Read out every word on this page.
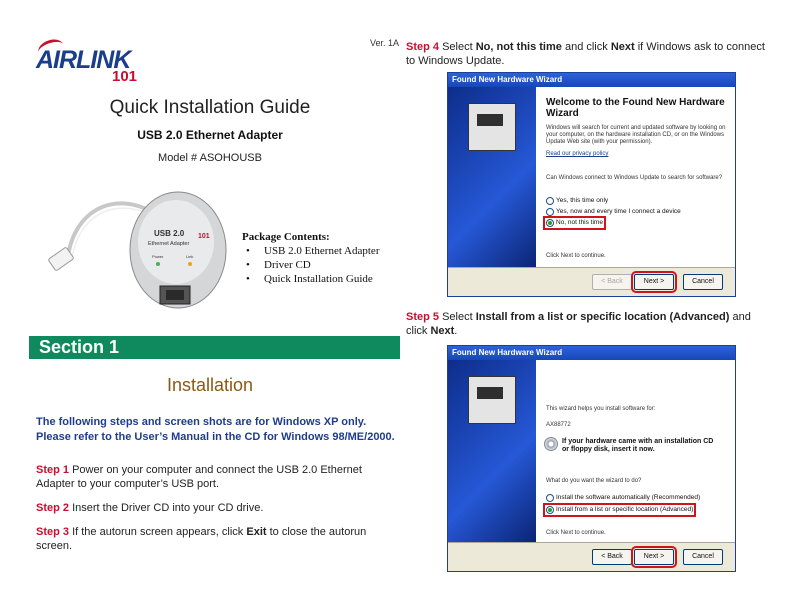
AIRLINK
101
Ver. 1A
Quick Installation Guide
USB 2.0 Ethernet Adapter
Model # ASOHOUSB
USB 2.0
Ethernet Adapter
101
Power	Link
Package Contents:
• USB 2.0 Ethernet Adapter
• Driver CD
• Quick Installation Guide
Section 1
Installation
The following steps and screen shots are for Windows XP only. Please refer to the User’s Manual in the CD for Windows 98/ME/2000.
Step 1 Power on your computer and connect the USB 2.0 Ethernet Adapter to your computer’s USB port.
Step 2 Insert the Driver CD into your CD drive.
Step 3 If the autorun screen appears, click Exit to close the autorun screen.
Step 4 Select No, not this time and click Next if Windows ask to connect to Windows Update.
Found New Hardware Wizard
Welcome to the Found New Hardware Wizard
Windows will search for current and updated software by looking on your computer, on the hardware installation CD, or on the Windows Update Web site (with your permission).
Read our privacy policy
Can Windows connect to Windows Update to search for software?
Yes, this time only
Yes, now and every time I connect a device
No, not this time
Click Next to continue.
< Back	Next >	Cancel
Step 5 Select Install from a list or specific location (Advanced) and click Next.
Found New Hardware Wizard
This wizard helps you install software for:
AX88772
If your hardware came with an installation CD or floppy disk, insert it now.
What do you want the wizard to do?
Install the software automatically (Recommended)
Install from a list or specific location (Advanced)
Click Next to continue.
< Back	Next >	Cancel
